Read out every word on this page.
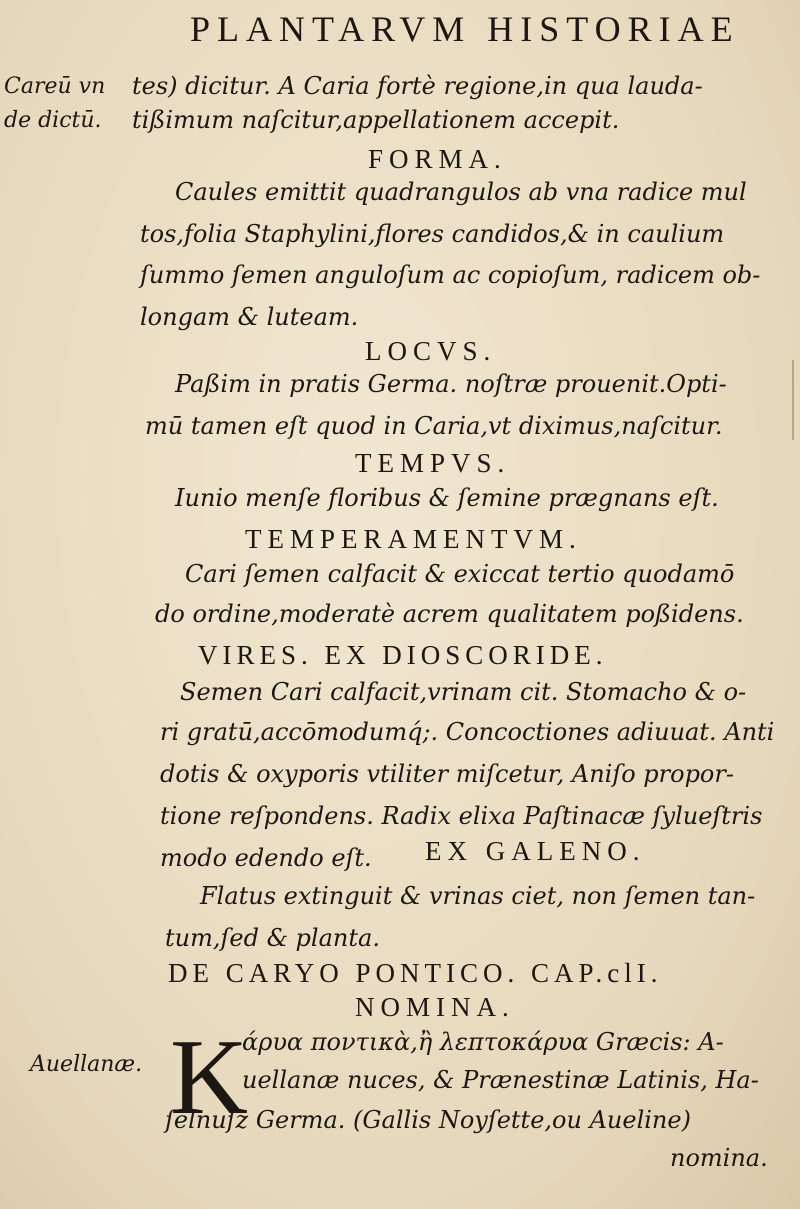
PLANTARVM HISTORIAE
Careū vn
de dictū.
tes) dicitur. A Caria fortè regione,in qua lauda-
tißimum naſcitur,appellationem accepit.
FORMA.
Caules emittit quadrangulos ab vna radice mul
tos,folia Staphylini,flores candidos,& in caulium
ſummo ſemen anguloſum ac copioſum, radicem ob-
longam & luteam.
LOCVS.
Paßim in pratis Germa. noſtræ prouenit.Opti-
mū tamen eſt quod in Caria,vt diximus,naſcitur.
TEMPVS.
Iunio menſe floribus & ſemine prægnans eſt.
TEMPERAMENTVM.
Cari ſemen calfacit & exiccat tertio quodamō
do ordine,moderatè acrem qualitatem poßidens.
VIRES. EX DIOSCORIDE.
Semen Cari calfacit,vrinam cit. Stomacho & o-
ri gratū,accōmodumq́;. Concoctiones adiuuat. Anti
dotis & oxyporis vtiliter miſcetur, Aniſo propor-
tione reſpondens. Radix elixa Paſtinacæ ſylueſtris
modo edendo eſt. EX GALENO.
Flatus extinguit & vrinas ciet, non ſemen tan-
tum,ſed & planta.
DE CARYO PONTICO. CAP.clI.
NOMINA.
Auellanæ. K
άρυα ποντικὰ,ἢ λεπτοκάρυα Græcis: A-
uellanæ nuces, & Prænestinæ Latinis, Ha-
ſelnuſz Germa. (Gallis Noyſette,ou Aueline)
nomina.
